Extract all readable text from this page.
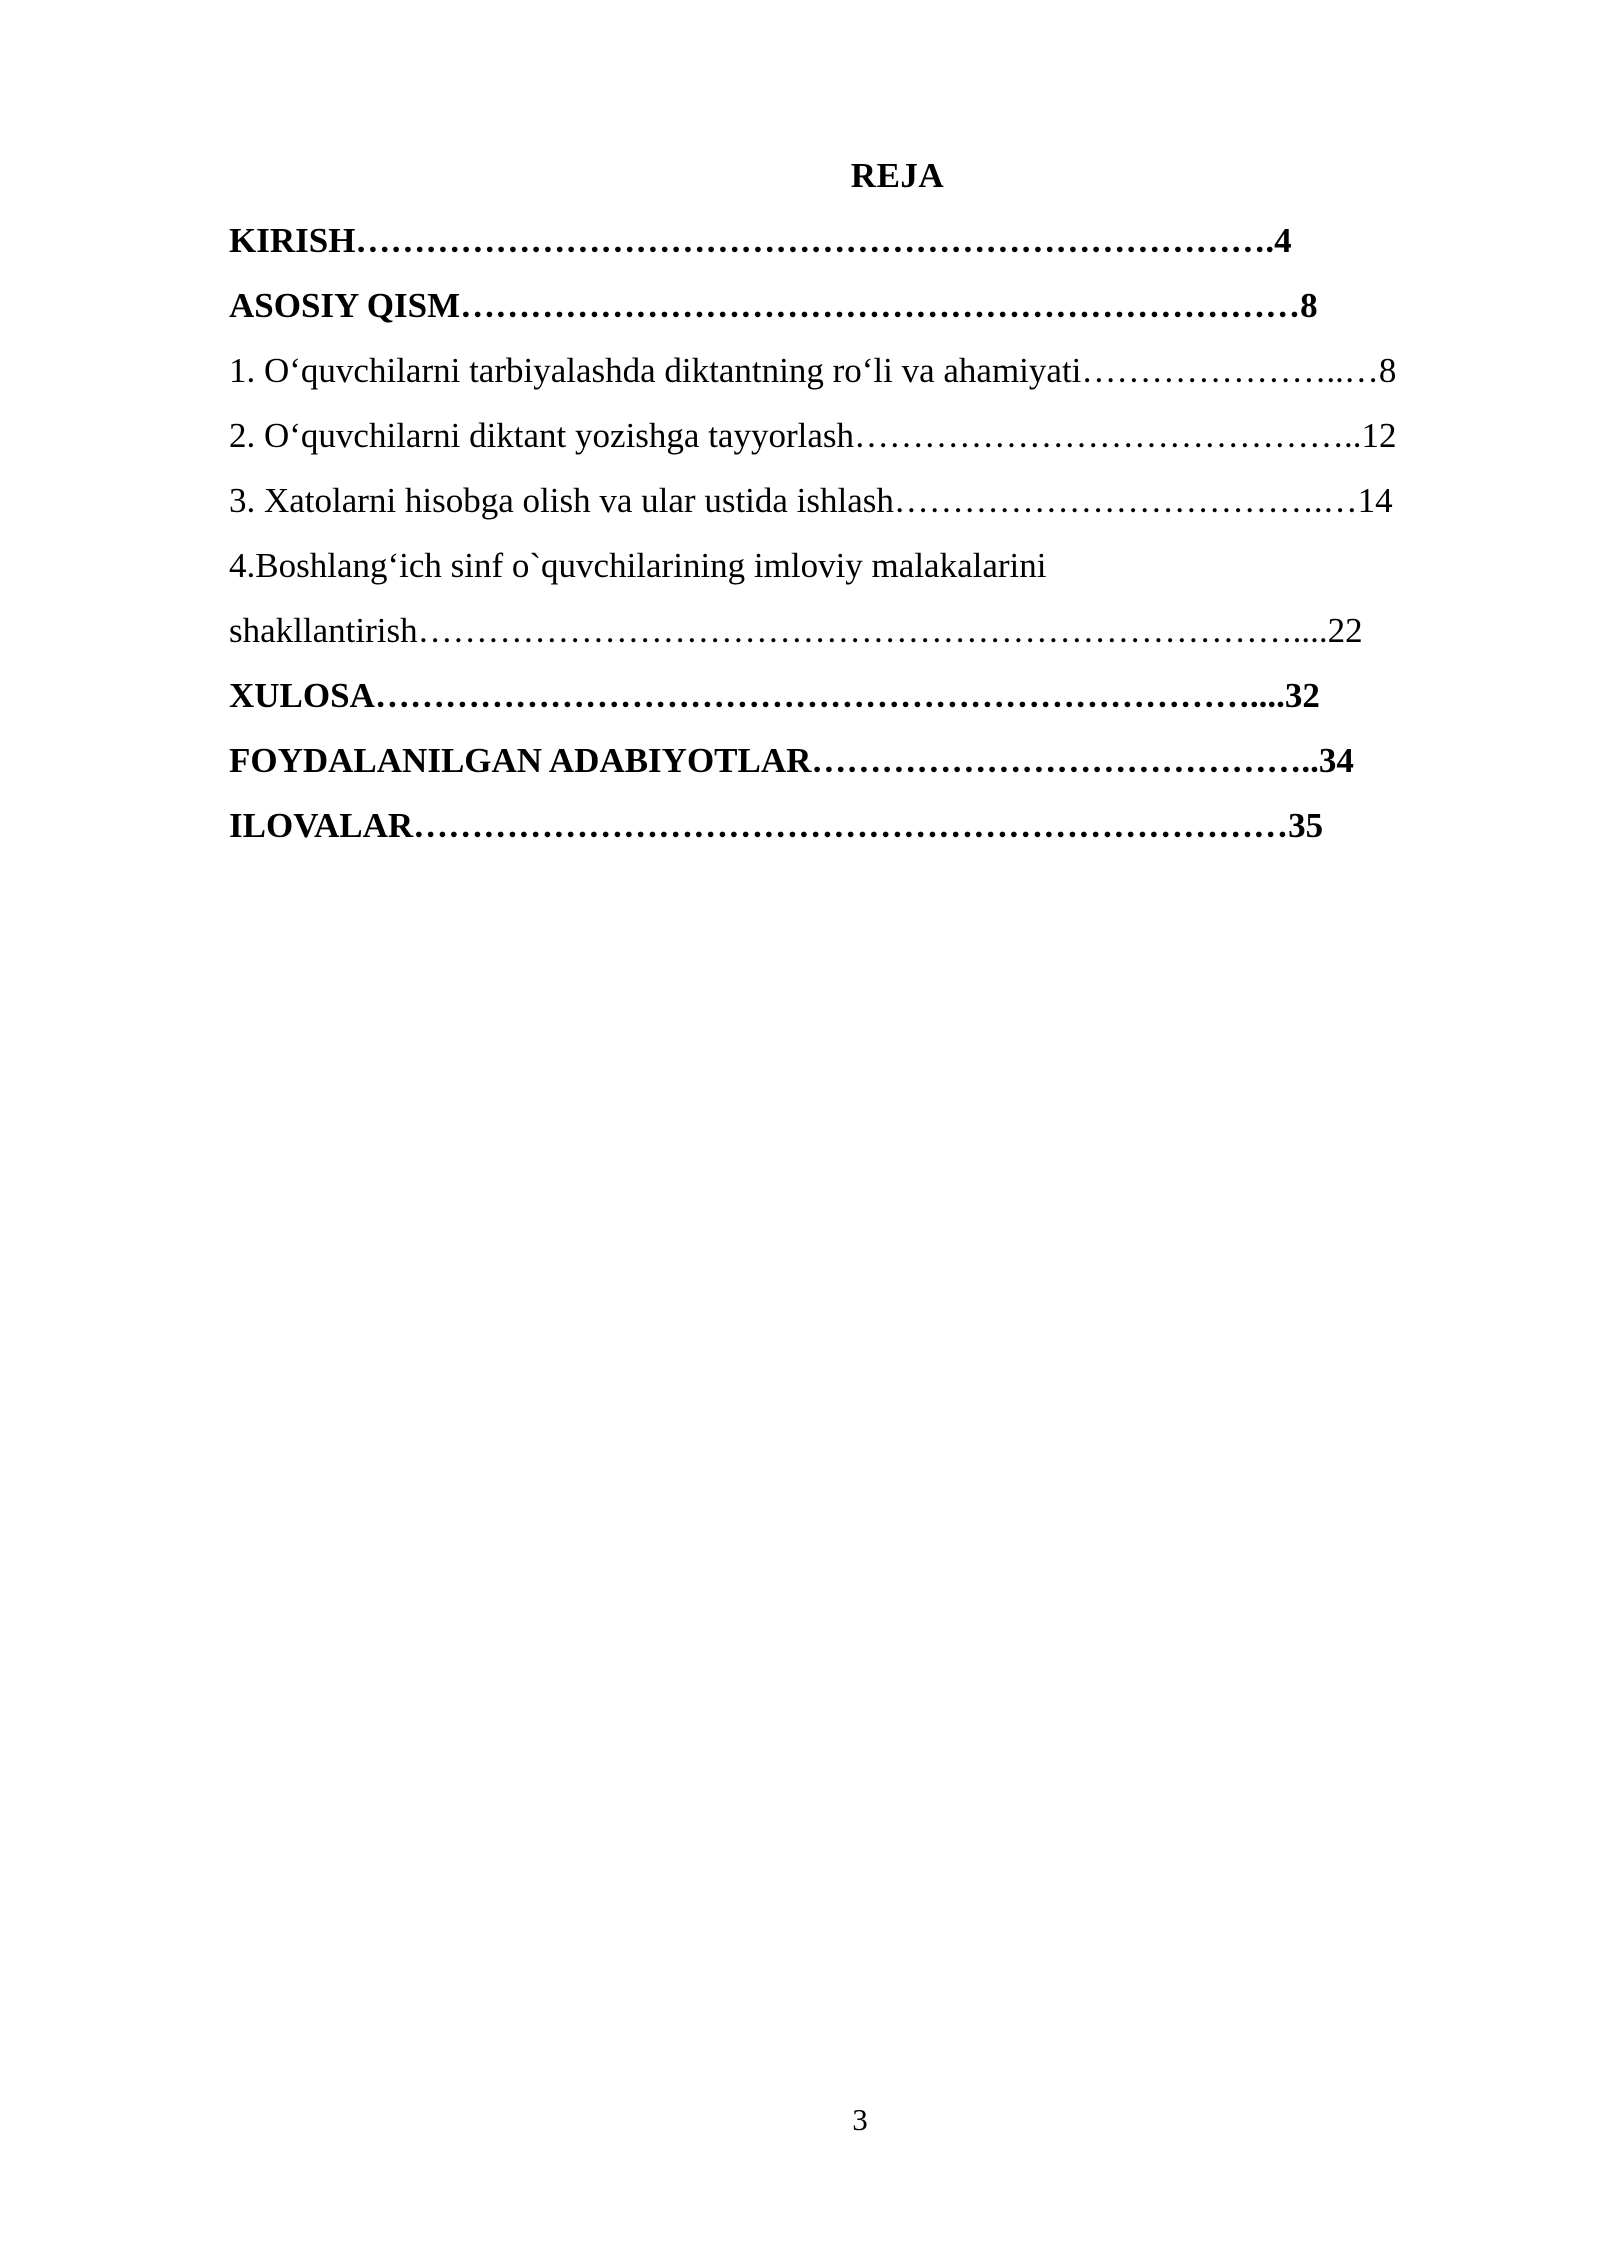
REJA
KIRISH…………………………………………………………………….4
ASOSIY QISM………………………………………………………………8
1. O‘quvchilarni tarbiyalashda diktantning ro‘li va ahamiyati…………………..…8
2. O‘quvchilarni diktant yozishga tayyorlash……………………………………..12
3. Xatolarni hisobga olish va ular ustida ishlash……………………………….…14
4.Boshlang‘ich sinf o`quvchilarining imloviy malakalarini
shakllantirish…………………………………………………………………....22
XULOSA…………………………………………………………………....32
FOYDALANILGAN ADABIYOTLAR……………………………………..34
ILOVALAR…………………………………………………………………35
3
